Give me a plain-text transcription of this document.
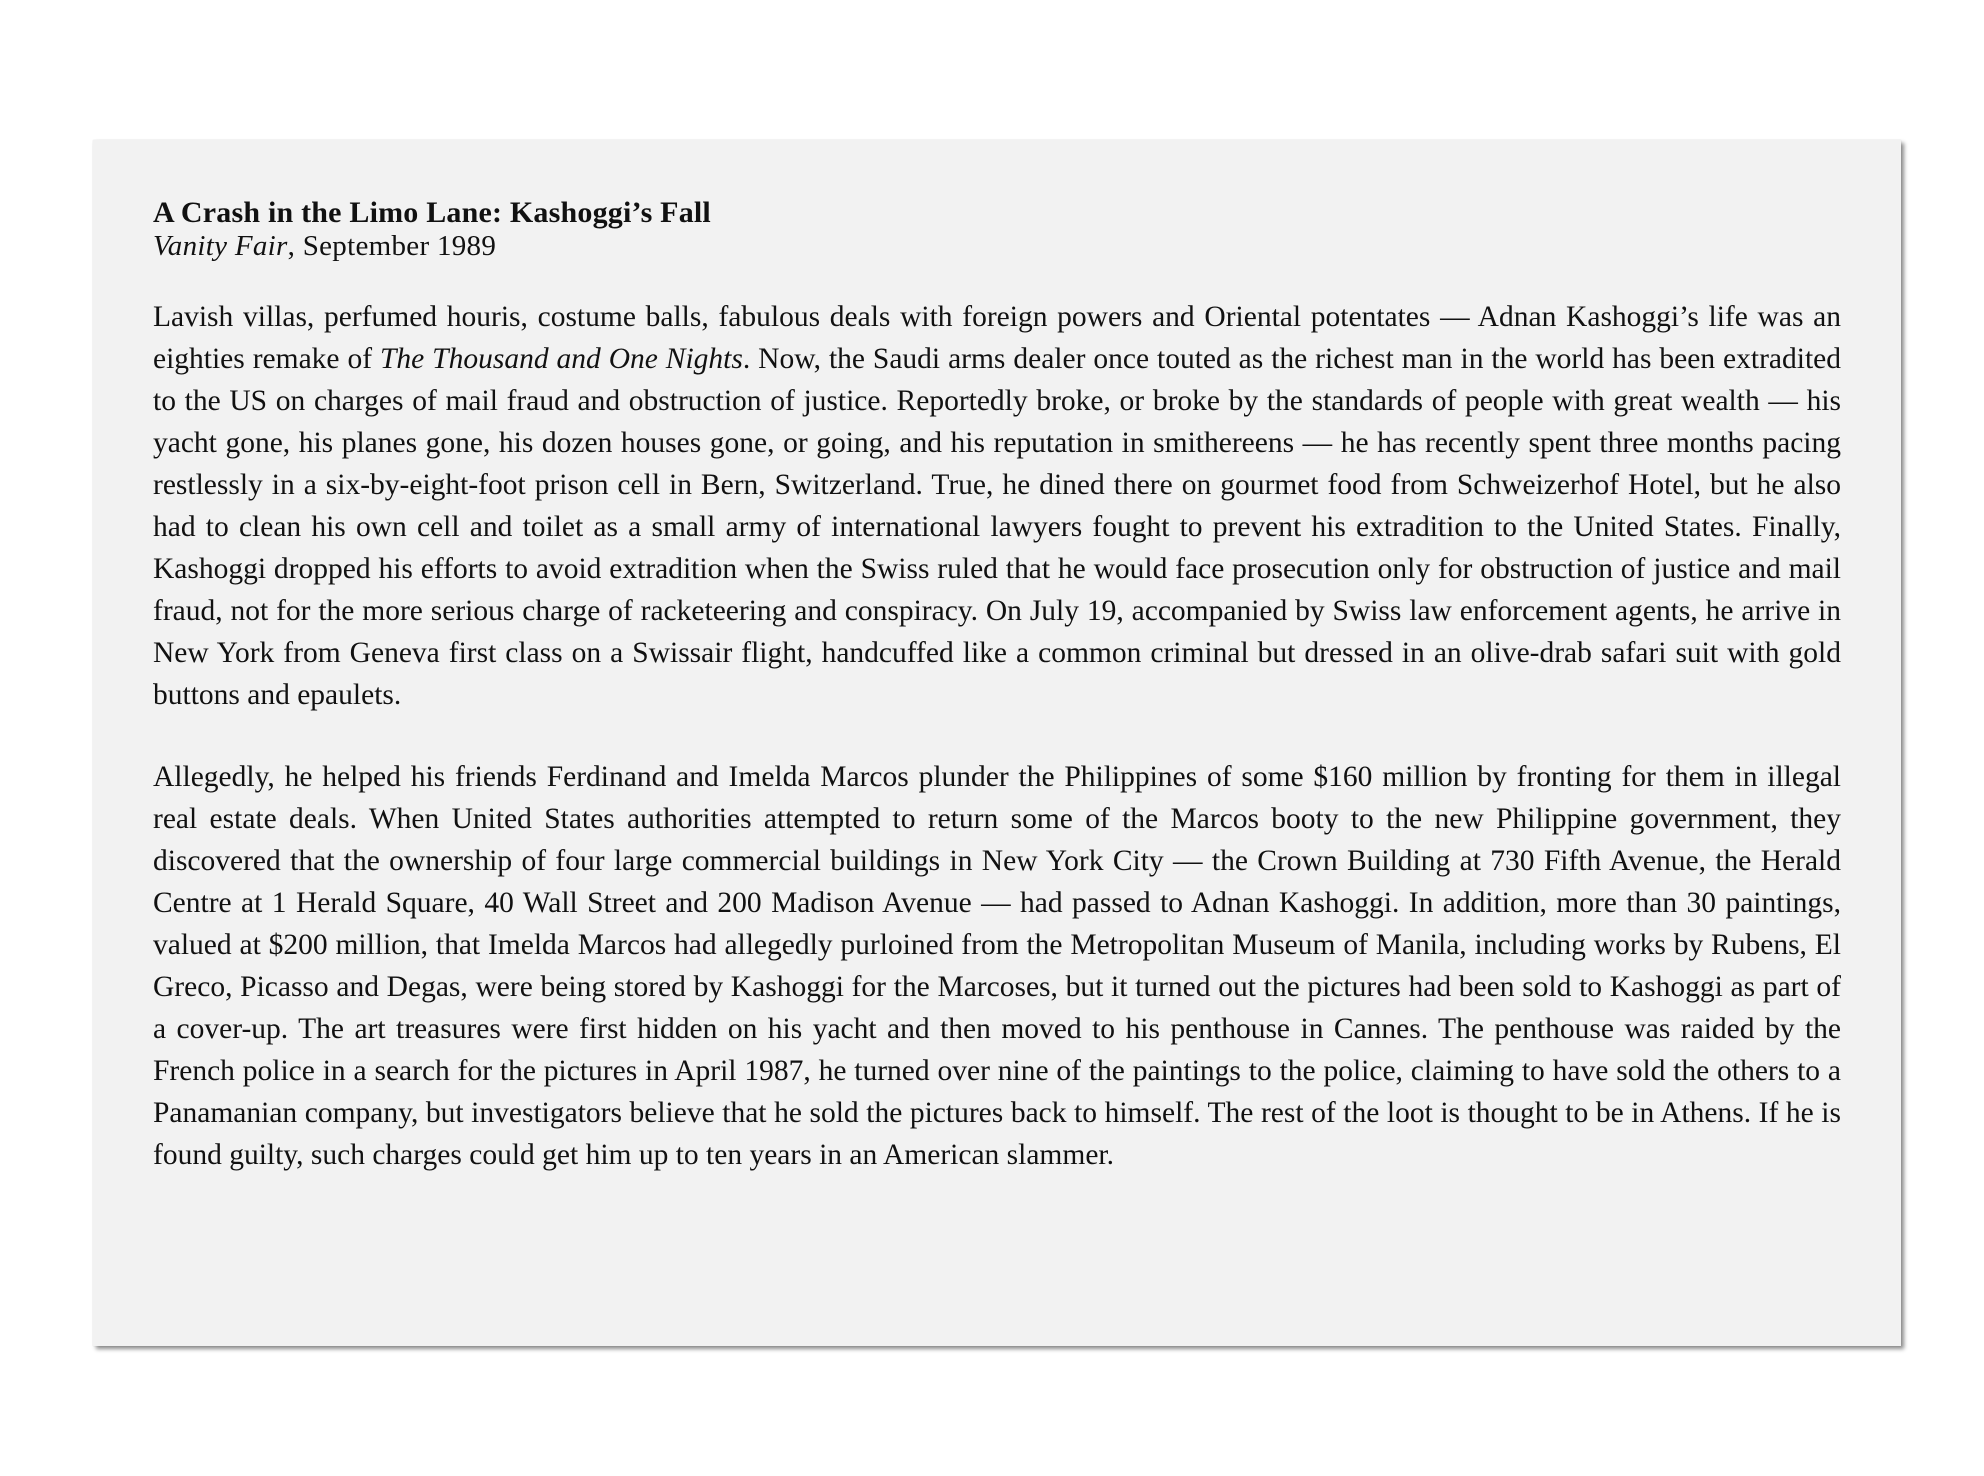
A Crash in the Limo Lane: Kashoggi’s Fall

Vanity Fair, September 1989

Lavish villas, perfumed houris, costume balls, fabulous deals with foreign powers and Oriental potentates — Adnan Kashoggi’s life was an eighties remake of The Thousand and One Nights. Now, the Saudi arms dealer once touted as the richest man in the world has been extradited to the US on charges of mail fraud and obstruction of justice. Reportedly broke, or broke by the standards of people with great wealth — his yacht gone, his planes gone, his dozen houses gone, or going, and his reputation in smithereens — he has recently spent three months pacing restlessly in a six-by-eight-foot prison cell in Bern, Switzerland. True, he dined there on gourmet food from Schweizerhof Hotel, but he also had to clean his own cell and toilet as a small army of international lawyers fought to prevent his extradition to the United States. Finally, Kashoggi dropped his efforts to avoid extradition when the Swiss ruled that he would face prosecution only for obstruction of justice and mail fraud, not for the more serious charge of racketeering and conspiracy. On July 19, accompanied by Swiss law enforcement agents, he arrive in New York from Geneva first class on a Swissair flight, handcuffed like a common criminal but dressed in an olive-drab safari suit with gold buttons and epaulets.

Allegedly, he helped his friends Ferdinand and Imelda Marcos plunder the Philippines of some $160 million by fronting for them in illegal real estate deals. When United States authorities attempted to return some of the Marcos booty to the new Philippine government, they discovered that the ownership of four large commercial buildings in New York City — the Crown Building at 730 Fifth Avenue, the Herald Centre at 1 Herald Square, 40 Wall Street and 200 Madison Avenue — had passed to Adnan Kashoggi. In addition, more than 30 paintings, valued at $200 million, that Imelda Marcos had allegedly purloined from the Metropolitan Museum of Manila, including works by Rubens, El Greco, Picasso and Degas, were being stored by Kashoggi for the Marcoses, but it turned out the pictures had been sold to Kashoggi as part of a cover-up. The art treasures were first hidden on his yacht and then moved to his penthouse in Cannes. The penthouse was raided by the French police in a search for the pictures in April 1987, he turned over nine of the paintings to the police, claiming to have sold the others to a Panamanian company, but investigators believe that he sold the pictures back to himself. The rest of the loot is thought to be in Athens. If he is found guilty, such charges could get him up to ten years in an American slammer.
